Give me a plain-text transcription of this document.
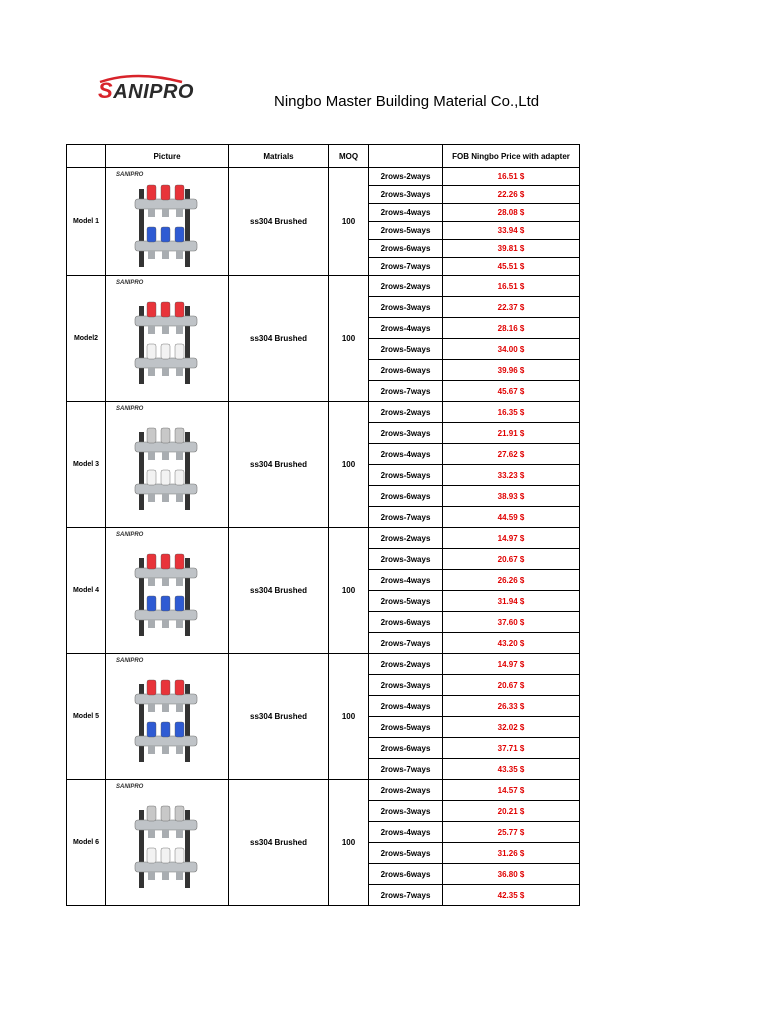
SANIPRO	Ningbo Master Building Material Co.,Ltd
	Picture	Matrials	MOQ		FOB Ningbo Price with adapter
Model 1	SANIPRO	ss304 Brushed	100	2rows-2ways	16.51 $
				2rows-3ways	22.26 $
				2rows-4ways	28.08 $
				2rows-5ways	33.94 $
				2rows-6ways	39.81 $
				2rows-7ways	45.51 $
Model2	SANIPRO	ss304 Brushed	100	2rows-2ways	16.51 $
				2rows-3ways	22.37 $
				2rows-4ways	28.16 $
				2rows-5ways	34.00 $
				2rows-6ways	39.96 $
				2rows-7ways	45.67 $
Model 3	SANIPRO	ss304 Brushed	100	2rows-2ways	16.35 $
				2rows-3ways	21.91 $
				2rows-4ways	27.62 $
				2rows-5ways	33.23 $
				2rows-6ways	38.93 $
				2rows-7ways	44.59 $
Model 4	SANIPRO	ss304 Brushed	100	2rows-2ways	14.97 $
				2rows-3ways	20.67 $
				2rows-4ways	26.26 $
				2rows-5ways	31.94 $
				2rows-6ways	37.60 $
				2rows-7ways	43.20 $
Model 5	SANIPRO	ss304 Brushed	100	2rows-2ways	14.97 $
				2rows-3ways	20.67 $
				2rows-4ways	26.33 $
				2rows-5ways	32.02 $
				2rows-6ways	37.71 $
				2rows-7ways	43.35 $
Model 6	SANIPRO	ss304 Brushed	100	2rows-2ways	14.57 $
				2rows-3ways	20.21 $
				2rows-4ways	25.77 $
				2rows-5ways	31.26 $
				2rows-6ways	36.80 $
				2rows-7ways	42.35 $
